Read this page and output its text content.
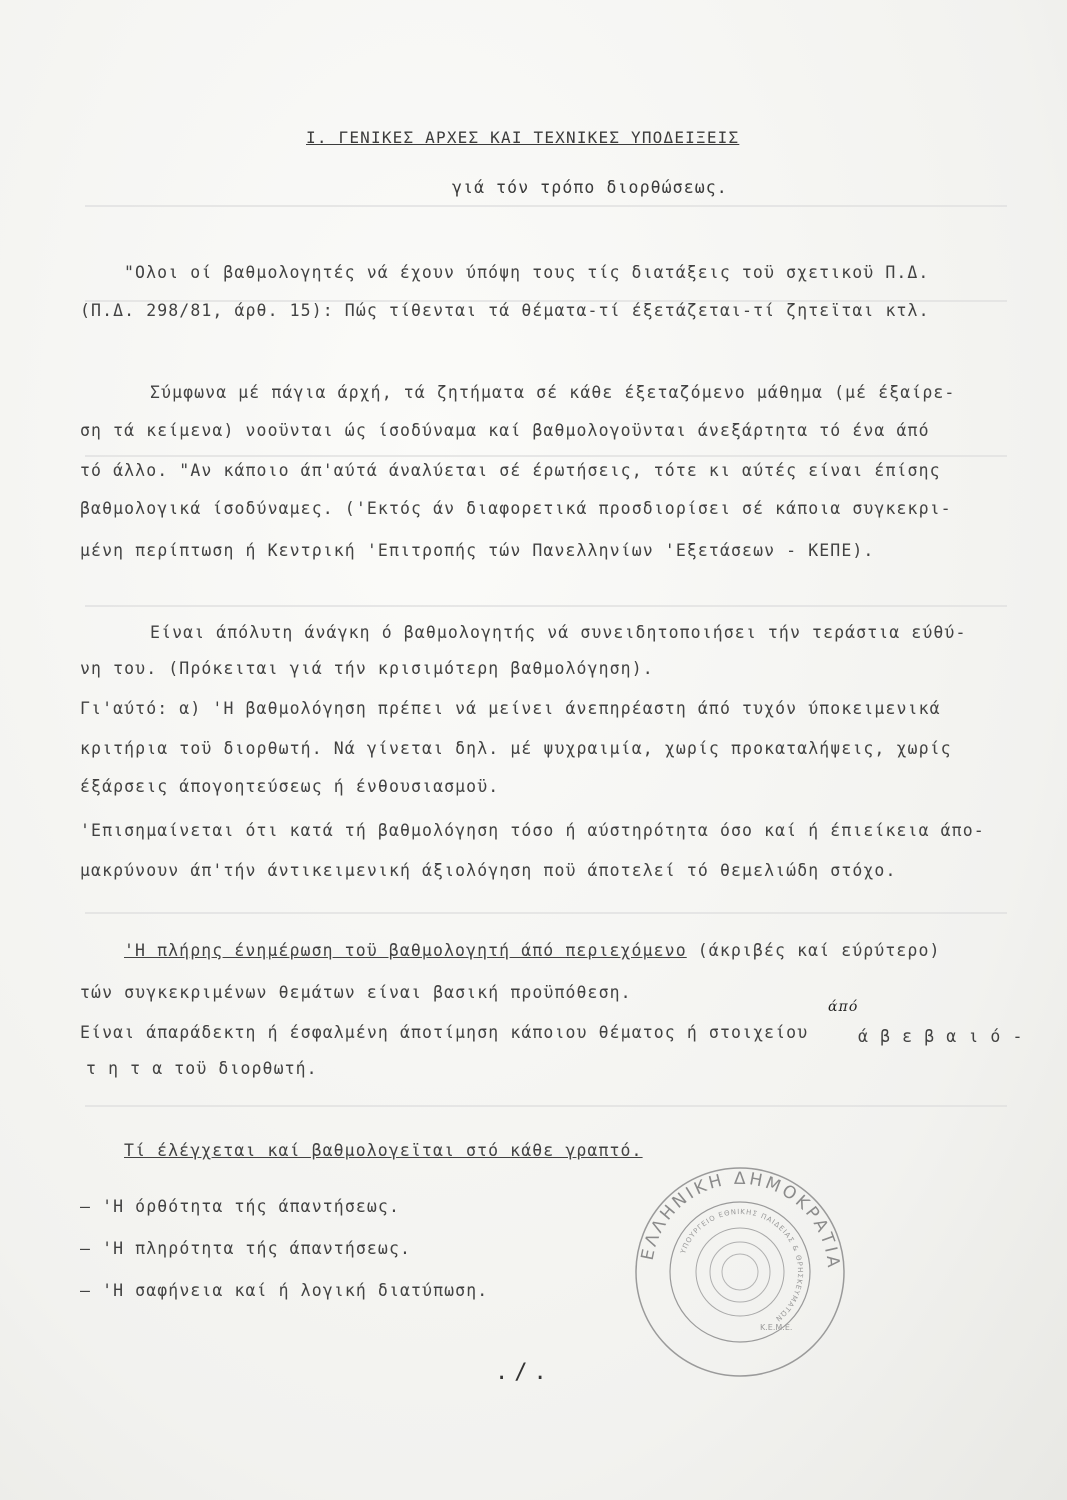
Ι. ΓΕΝΙΚΕΣ ΑΡΧΕΣ ΚΑΙ ΤΕΧΝΙΚΕΣ ΥΠΟΔΕΙΞΕΙΣ
γιά τόν τρόπο διορθώσεως.
"Ολοι οί βαθμολογητές νά έχουν ύπόψη τους τίς διατάξεις τοϋ σχετικοϋ Π.Δ.
(Π.Δ. 298/81, άρθ. 15): Πώς τίθενται τά θέματα-τί έξετάζεται-τί ζητεϊται κτλ.
Σύμφωνα μέ πάγια άρχή, τά ζητήματα σέ κάθε έξεταζόμενο μάθημα (μέ έξαίρε-
ση τά κείμενα) νοοϋνται ώς ίσοδύναμα καί βαθμολογοϋνται άνεξάρτητα τό ένα άπό
τό άλλο. "Αν κάποιο άπ'αύτά άναλύεται σέ έρωτήσεις, τότε κι αύτές είναι έπίσης
βαθμολογικά ίσοδύναμες. ('Εκτός άν διαφορετικά προσδιορίσει σέ κάποια συγκεκρι-
μένη περίπτωση ή Κεντρική 'Επιτροπής τών Πανελληνίων 'Εξετάσεων - ΚΕΠΕ).
Είναι άπόλυτη άνάγκη ό βαθμολογητής νά συνειδητοποιήσει τήν τεράστια εύθύ-
νη του. (Πρόκειται γιά τήν κρισιμότερη βαθμολόγηση).
Γι'αύτό: α) 'Η βαθμολόγηση πρέπει νά μείνει άνεπηρέαστη άπό τυχόν ύποκειμενικά
κριτήρια τοϋ διορθωτή. Νά γίνεται δηλ. μέ ψυχραιμία, χωρίς προκαταλήψεις, χωρίς
έξάρσεις άπογοητεύσεως ή ένθουσιασμοϋ.
'Επισημαίνεται ότι κατά τή βαθμολόγηση τόσο ή αύστηρότητα όσο καί ή έπιείκεια άπο-
μακρύνουν άπ'τήν άντικειμενική άξιολόγηση ποϋ άποτελεί τό θεμελιώδη στόχο.
'Η πλήρης ένημέρωση τοϋ βαθμολογητή άπό περιεχόμενο (άκριβές καί εύρύτερο)
τών συγκεκριμένων θεμάτων είναι βασική προϋπόθεση.
Είναι άπαράδεκτη ή έσφαλμένη άποτίμηση κάποιου θέματος ή στοιχείου	ά β ε β α ι ό -
άπό
τ η τ α τοϋ διορθωτή.
Τί έλέγχεται καί βαθμολογεϊται στό κάθε γραπτό.
– 'Η όρθότητα τής άπαντήσεως.
– 'Η πληρότητα τής άπαντήσεως.
– 'Η σαφήνεια καί ή λογική διατύπωση.
ΕΛΛΗΝΙΚΗ ΔΗΜΟΚΡΑΤΙΑ
ΥΠΟΥΡΓΕΙΟ ΕΘΝΙΚΗΣ ΠΑΙΔΕΙΑΣ & ΘΡΗΣΚΕΥΜΑΤΩΝ
Κ.Ε.Μ.Ε.
./.
